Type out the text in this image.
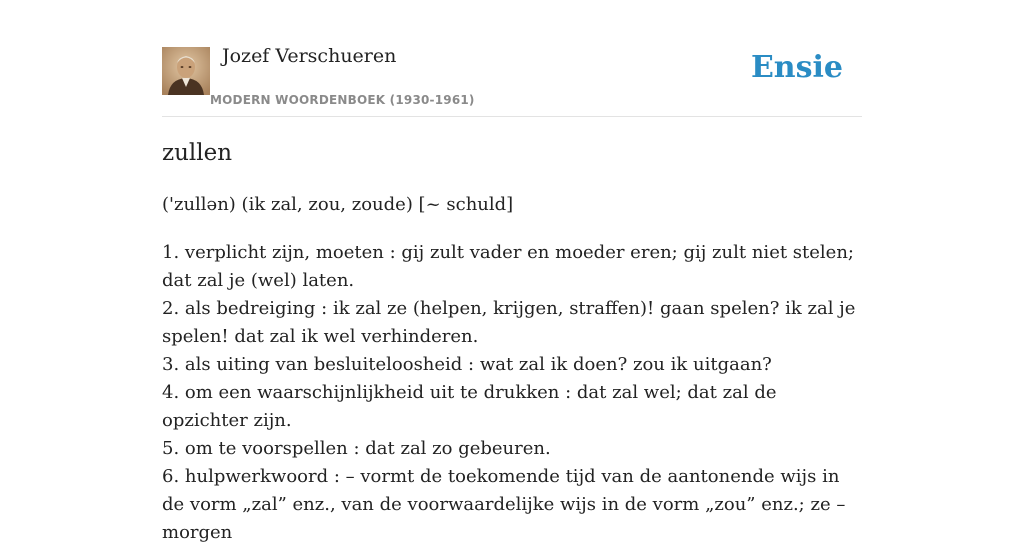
Jozef Verschueren
MODERN WOORDENBOEK (1930-1961)
Ensie
zullen
('zullən) (ik zal, zou, zoude) [~ schuld]
1. verplicht zijn, moeten : gij zult vader en moeder eren; gij zult niet stelen; dat zal je (wel) laten.
2. als bedreiging : ik zal ze (helpen, krijgen, straffen)! gaan spelen? ik zal je spelen! dat zal ik wel verhinderen.
3. als uiting van besluiteloosheid : wat zal ik doen? zou ik uitgaan?
4. om een waarschijnlijkheid uit te drukken : dat zal wel; dat zal de opzichter zijn.
5. om te voorspellen : dat zal zo gebeuren.
6. hulpwerkwoord : – vormt de toekomende tijd van de aantonende wijs in de vorm „zal” enz., van de voorwaardelijke wijs in de vorm „zou” enz.; ze – morgen
